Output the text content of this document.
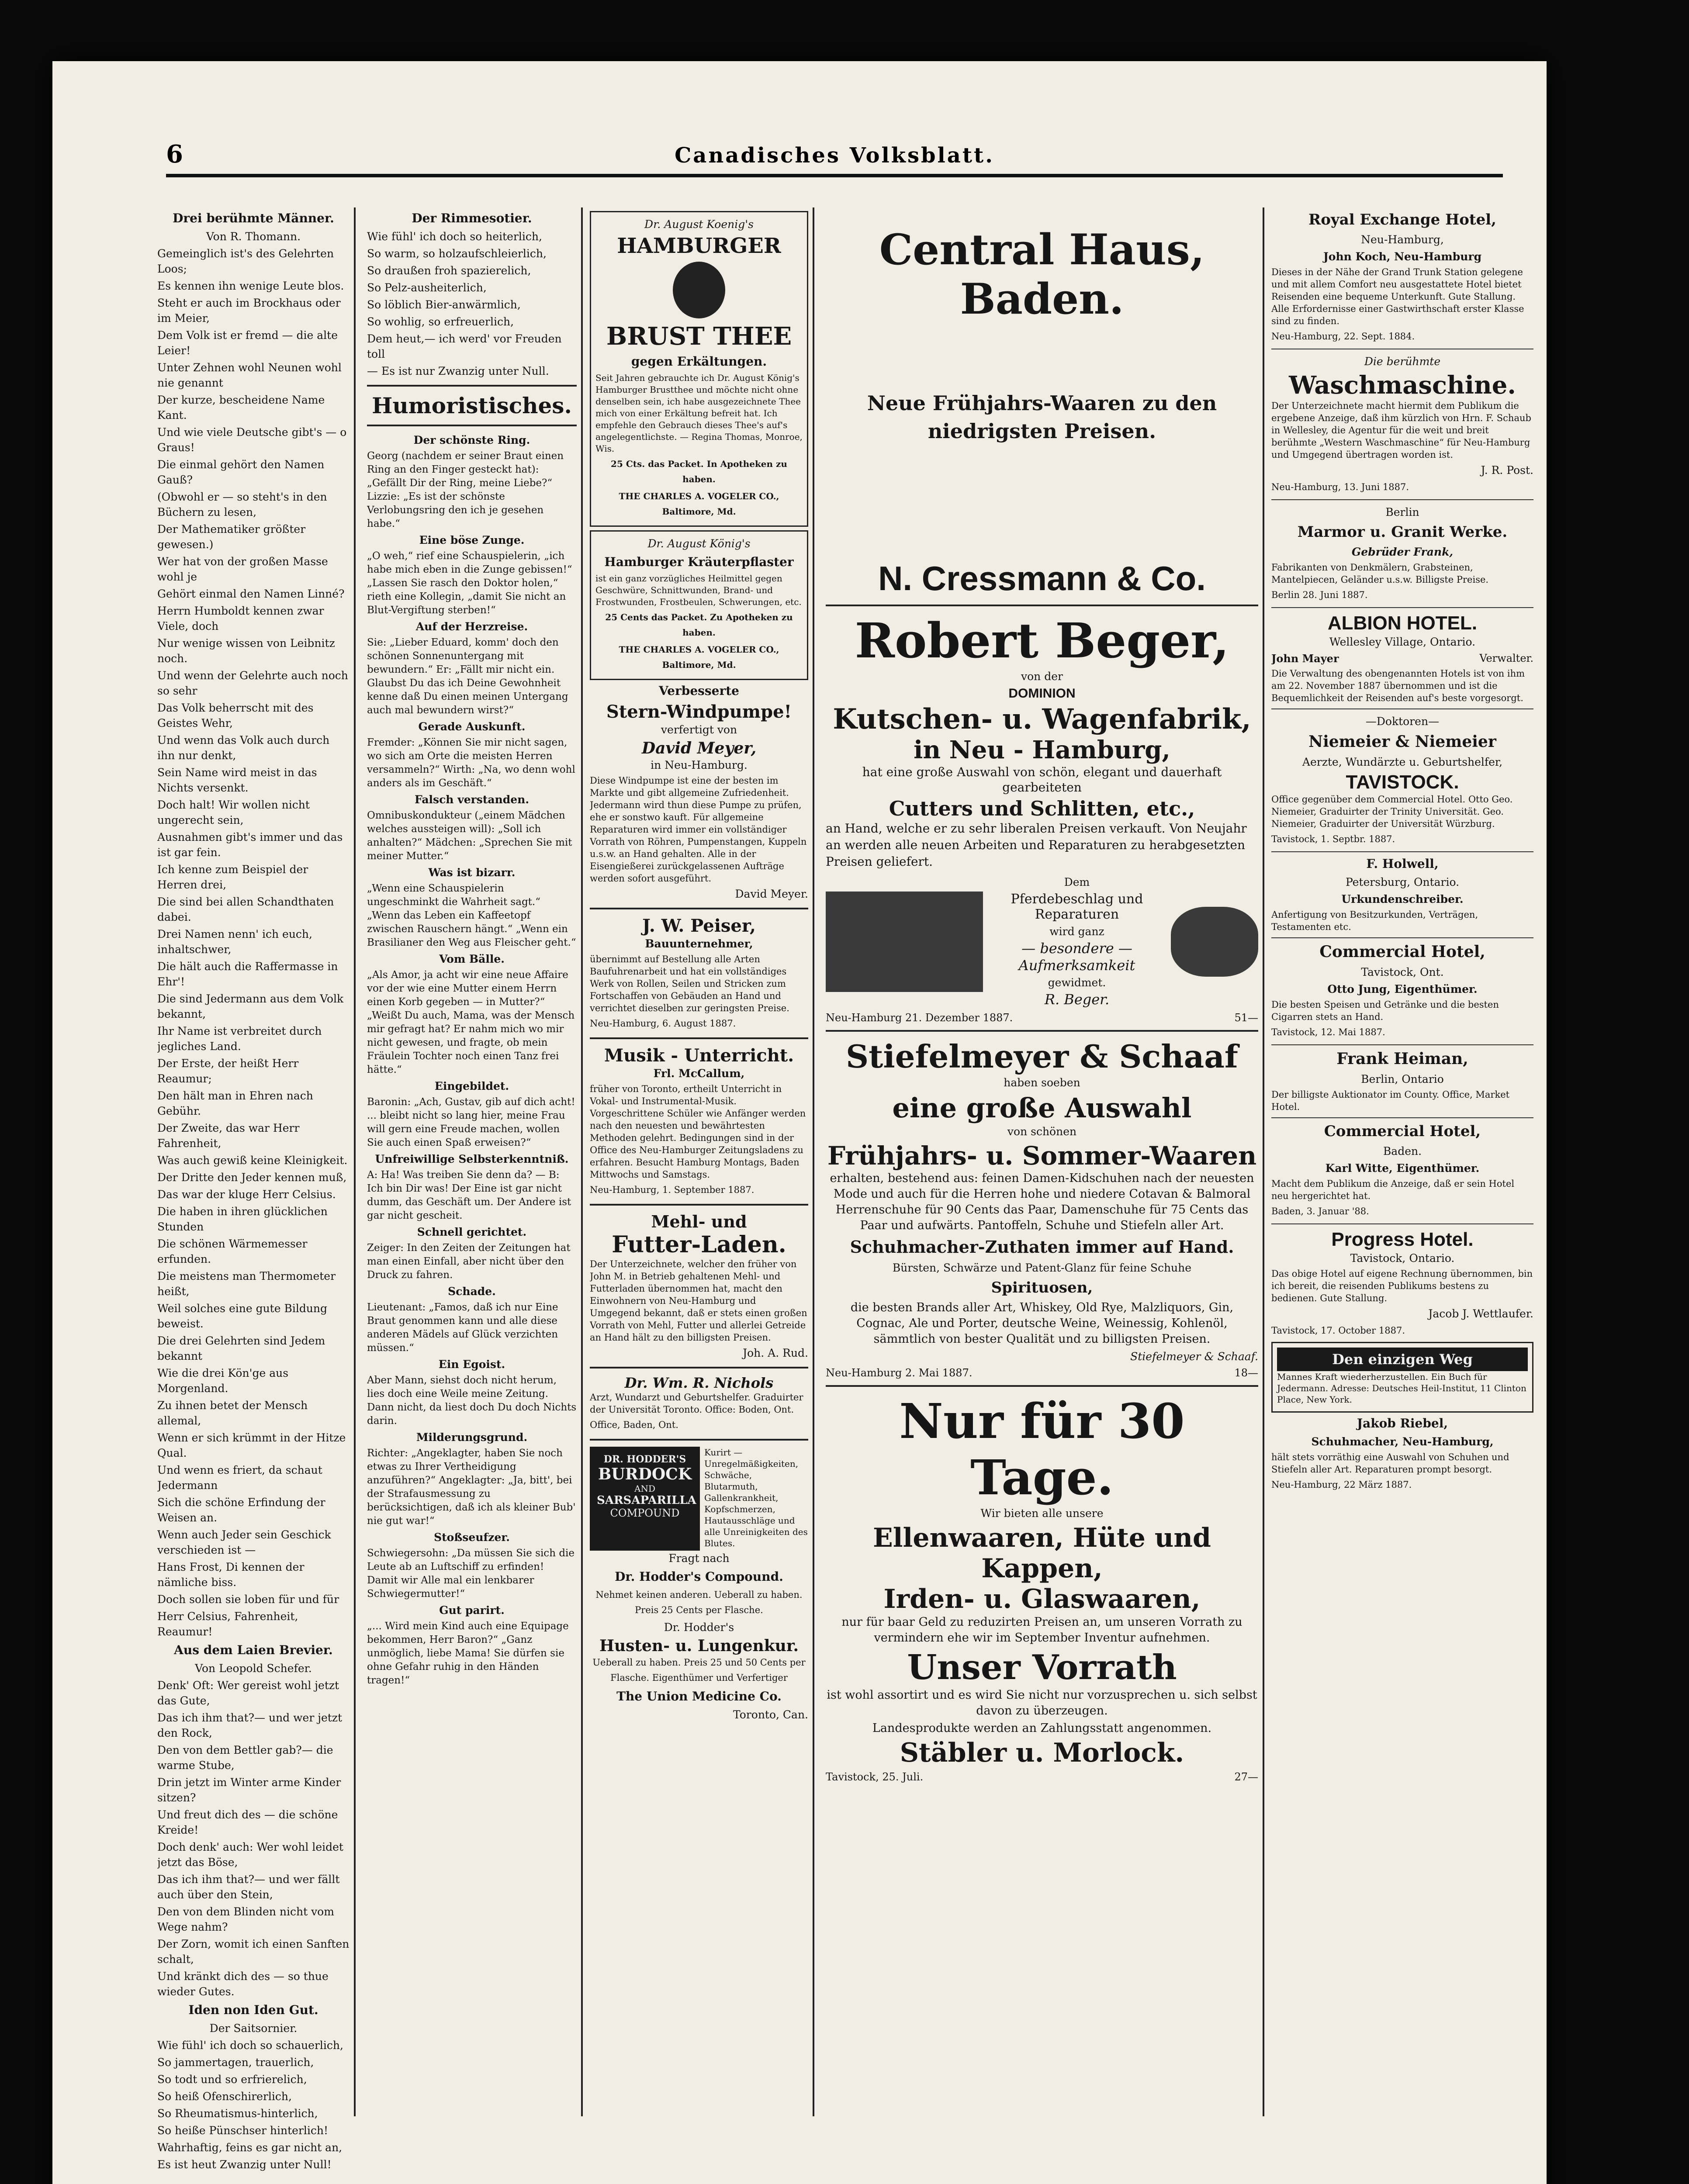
6	Canadisches Volksblatt.
Drei berühmte Männer.
Von R. Thomann.
Gemeinglich ist's des Gelehrten Loos;
Es kennen ihn wenige Leute blos.
Steht er auch im Brockhaus oder im Meier,
Dem Volk ist er fremd — die alte Leier!
Unter Zehnen wohl Neunen wohl nie genannt
Der kurze, bescheidene Name Kant.
Und wie viele Deutsche gibt's — o Graus!
Die einmal gehört den Namen Gauß?
(Obwohl er — so steht's in den Büchern zu lesen,
Der Mathematiker größter gewesen.)
Wer hat von der großen Masse wohl je
Gehört einmal den Namen Linné?
Herrn Humboldt kennen zwar Viele, doch
Nur wenige wissen von Leibnitz noch.
Und wenn der Gelehrte auch noch so sehr
Das Volk beherrscht mit des Geistes Wehr,
Und wenn das Volk auch durch ihn nur denkt,
Sein Name wird meist in das Nichts versenkt.
Doch halt! Wir wollen nicht ungerecht sein,
Ausnahmen gibt's immer und das ist gar fein.
Ich kenne zum Beispiel der Herren drei,
Die sind bei allen Schandthaten dabei.
Drei Namen nenn' ich euch, inhaltschwer,
Die hält auch die Raffermasse in Ehr'!
Die sind Jedermann aus dem Volk bekannt,
Ihr Name ist verbreitet durch jegliches Land.
Der Erste, der heißt Herr Reaumur;
Den hält man in Ehren nach Gebühr.
Der Zweite, das war Herr Fahrenheit,
Was auch gewiß keine Kleinigkeit.
Der Dritte den Jeder kennen muß,
Das war der kluge Herr Celsius.
Die haben in ihren glücklichen Stunden
Die schönen Wärmemesser erfunden.
Die meistens man Thermometer heißt,
Weil solches eine gute Bildung beweist.
Die drei Gelehrten sind Jedem bekannt
Wie die drei Kön'ge aus Morgenland.
Zu ihnen betet der Mensch allemal,
Wenn er sich krümmt in der Hitze Qual.
Und wenn es friert, da schaut Jedermann
Sich die schöne Erfindung der Weisen an.
Wenn auch Jeder sein Geschick verschieden ist —
Hans Frost, Di kennen der nämliche biss.
Doch sollen sie loben für und für
Herr Celsius, Fahrenheit, Reaumur!
Aus dem Laien Brevier.
Von Leopold Schefer.
Denk' Oft: Wer gereist wohl jetzt das Gute,
Das ich ihm that?— und wer jetzt den Rock,
Den von dem Bettler gab?— die warme Stube,
Drin jetzt im Winter arme Kinder sitzen?
Und freut dich des — die schöne Kreide!
Doch denk' auch: Wer wohl leidet jetzt das Böse,
Das ich ihm that?— und wer fällt auch über den Stein,
Den von dem Blinden nicht vom Wege nahm?
Der Zorn, womit ich einen Sanften schalt,
Und kränkt dich des — so thue wieder Gutes.
Iden non Iden Gut.
Der Saitsornier.
Wie fühl' ich doch so schauerlich,
So jammertagen, trauerlich,
So todt und so erfrierelich,
So heiß Ofenschirerlich,
So Rheumatismus-hinterlich,
So heiße Pünschser hinterlich!
Wahrhaftig, feins es gar nicht an,
Es ist heut Zwanzig unter Null!
Der Rimmesotier.
Wie fühl' ich doch so heiterlich,
So warm, so holzaufschleierlich,
So draußen froh spazierelich,
So Pelz-ausheiterlich,
So löblich Bier-anwärmlich,
So wohlig, so erfreuerlich,
Dem heut,— ich werd' vor Freuden toll
— Es ist nur Zwanzig unter Null.
Humoristisches.
Der schönste Ring.
Georg (nachdem er seiner Braut einen Ring an den Finger gesteckt hat): „Gefällt Dir der Ring, meine Liebe?“ Lizzie: „Es ist der schönste Verlobungsring den ich je gesehen habe.“
Eine böse Zunge.
„O weh,“ rief eine Schauspielerin, „ich habe mich eben in die Zunge gebissen!“ „Lassen Sie rasch den Doktor holen,“ rieth eine Kollegin, „damit Sie nicht an Blut-Vergiftung sterben!“
Auf der Herzreise.
Sie: „Lieber Eduard, komm' doch den schönen Sonnenuntergang mit bewundern.“ Er: „Fällt mir nicht ein. Glaubst Du das ich Deine Gewohnheit kenne daß Du einen meinen Untergang auch mal bewundern wirst?“
Gerade Auskunft.
Fremder: „Können Sie mir nicht sagen, wo sich am Orte die meisten Herren versammeln?“ Wirth: „Na, wo denn wohl anders als im Geschäft.“
Falsch verstanden.
Omnibuskondukteur („einem Mädchen welches aussteigen will): „Soll ich anhalten?“ Mädchen: „Sprechen Sie mit meiner Mutter.“
Was ist bizarr.
„Wenn eine Schauspielerin ungeschminkt die Wahrheit sagt.“ „Wenn das Leben ein Kaffeetopf zwischen Rauschern hängt.“ „Wenn ein Brasilianer den Weg aus Fleischer geht.“
Vom Bälle.
„Als Amor, ja acht wir eine neue Affaire vor der wie eine Mutter einem Herrn einen Korb gegeben — in Mutter?“ „Weißt Du auch, Mama, was der Mensch mir gefragt hat? Er nahm mich wo mir nicht gewesen, und fragte, ob mein Fräulein Tochter noch einen Tanz frei hätte.“
Eingebildet.
Baronin: „Ach, Gustav, gib auf dich acht! ... bleibt nicht so lang hier, meine Frau will gern eine Freude machen, wollen Sie auch einen Spaß erweisen?“
Unfreiwillige Selbsterkenntniß.
A: Ha! Was treiben Sie denn da? — B: Ich bin Dir was! Der Eine ist gar nicht dumm, das Geschäft um. Der Andere ist gar nicht gescheit.
Schnell gerichtet.
Zeiger: In den Zeiten der Zeitungen hat man einen Einfall, aber nicht über den Druck zu fahren.
Schade.
Lieutenant: „Famos, daß ich nur Eine Braut genommen kann und alle diese anderen Mädels auf Glück verzichten müssen.“
Ein Egoist.
Aber Mann, siehst doch nicht herum, lies doch eine Weile meine Zeitung. Dann nicht, da liest doch Du doch Nichts darin.
Milderungsgrund.
Richter: „Angeklagter, haben Sie noch etwas zu Ihrer Vertheidigung anzuführen?“ Angeklagter: „Ja, bitt', bei der Strafausmessung zu berücksichtigen, daß ich als kleiner Bub' nie gut war!“
Stoßseufzer.
Schwiegersohn: „Da müssen Sie sich die Leute ab an Luftschiff zu erfinden! Damit wir Alle mal ein lenkbarer Schwiegermutter!“
Gut parirt.
„... Wird mein Kind auch eine Equipage bekommen, Herr Baron?“ „Ganz unmöglich, liebe Mama! Sie dürfen sie ohne Gefahr ruhig in den Händen tragen!“
Dr. August Koenig's
HAMBURGER
BRUST THEE
gegen Erkältungen.
Seit Jahren gebrauchte ich Dr. August König's Hamburger Brustthee und möchte nicht ohne denselben sein, ich habe ausgezeichnete Thee mich von einer Erkältung befreit hat. Ich empfehle den Gebrauch dieses Thee's auf's angelegentlichste. — Regina Thomas, Monroe, Wis.
25 Cts. das Packet. In Apotheken zu haben.
THE CHARLES A. VOGELER CO., Baltimore, Md.
Dr. August König's
Hamburger Kräuterpflaster
ist ein ganz vorzügliches Heilmittel gegen Geschwüre, Schnittwunden, Brand- und Frostwunden, Frostbeulen, Schwerungen, etc.
25 Cents das Packet. Zu Apotheken zu haben.
THE CHARLES A. VOGELER CO., Baltimore, Md.
Verbesserte
Stern-Windpumpe!
verfertigt von
David Meyer,
in Neu-Hamburg.
Diese Windpumpe ist eine der besten im Markte und gibt allgemeine Zufriedenheit. Jedermann wird thun diese Pumpe zu prüfen, ehe er sonstwo kauft. Für allgemeine Reparaturen wird immer ein vollständiger Vorrath von Röhren, Pumpenstangen, Kuppeln u.s.w. an Hand gehalten. Alle in der Eisengießerei zurückgelassenen Aufträge werden sofort ausgeführt.
David Meyer.
J. W. Peiser,
Bauunternehmer,
übernimmt auf Bestellung alle Arten Baufuhrenarbeit und hat ein vollständiges Werk von Rollen, Seilen und Stricken zum Fortschaffen von Gebäuden an Hand und verrichtet dieselben zur geringsten Preise.
Neu-Hamburg, 6. August 1887.
Musik - Unterricht.
Frl. McCallum,
früher von Toronto, ertheilt Unterricht in Vokal- und Instrumental-Musik. Vorgeschrittene Schüler wie Anfänger werden nach den neuesten und bewährtesten Methoden gelehrt. Bedingungen sind in der Office des Neu-Hamburger Zeitungsladens zu erfahren. Besucht Hamburg Montags, Baden Mittwochs und Samstags.
Neu-Hamburg, 1. September 1887.
Mehl- und
Futter-Laden.
Der Unterzeichnete, welcher den früher von John M. in Betrieb gehaltenen Mehl- und Futterladen übernommen hat, macht den Einwohnern von Neu-Hamburg und Umgegend bekannt, daß er stets einen großen Vorrath von Mehl, Futter und allerlei Getreide an Hand hält zu den billigsten Preisen.
Joh. A. Rud.
Dr. Wm. R. Nichols
Arzt, Wundarzt und Geburtshelfer. Graduirter der Universität Toronto. Office: Boden, Ont.
Office, Baden, Ont.
DR. HODDER'S
BURDOCK
AND
SARSAPARILLA
COMPOUND
Kurirt — Unregelmäßigkeiten, Schwäche, Blutarmuth, Gallenkrankheit, Kopfschmerzen, Hautausschläge und alle Unreinigkeiten des Blutes.
Fragt nach
Dr. Hodder's Compound.
Nehmet keinen anderen. Ueberall zu haben. Preis 25 Cents per Flasche.
Dr. Hodder's
Husten- u. Lungenkur.
Ueberall zu haben. Preis 25 und 50 Cents per Flasche. Eigenthümer und Verfertiger
The Union Medicine Co.
Toronto, Can.
Central Haus, Baden.
Neue Frühjahrs-Waaren zu den niedrigsten Preisen.
N. Cressmann & Co.
Robert Beger,
von der
DOMINION
Kutschen- u. Wagenfabrik,
in Neu - Hamburg,
hat eine große Auswahl von schön, elegant und dauerhaft gearbeiteten
Cutters und Schlitten, etc.,
an Hand, welche er zu sehr liberalen Preisen verkauft. Von Neujahr an werden alle neuen Arbeiten und Reparaturen zu herabgesetzten Preisen geliefert.
Dem
Pferdebeschlag und Reparaturen
wird ganz
— besondere —
Aufmerksamkeit
gewidmet.
R. Beger.
Neu-Hamburg 21. Dezember 1887.	51—
Stiefelmeyer & Schaaf
haben soeben
eine große Auswahl
von schönen
Frühjahrs- u. Sommer-Waaren
erhalten, bestehend aus: feinen Damen-Kidschuhen nach der neuesten Mode und auch für die Herren hohe und niedere Cotavan & Balmoral Herrenschuhe für 90 Cents das Paar, Damenschuhe für 75 Cents das Paar und aufwärts. Pantoffeln, Schuhe und Stiefeln aller Art.
Schuhmacher-Zuthaten immer auf Hand.
Bürsten, Schwärze und Patent-Glanz für feine Schuhe
Spirituosen,
die besten Brands aller Art, Whiskey, Old Rye, Malzliquors, Gin, Cognac, Ale und Porter, deutsche Weine, Weinessig, Kohlenöl, sämmtlich von bester Qualität und zu billigsten Preisen.
Stiefelmeyer & Schaaf.
Neu-Hamburg 2. Mai 1887.	18—
Nur für 30 Tage.
Wir bieten alle unsere
Ellenwaaren, Hüte und Kappen,
Irden- u. Glaswaaren,
nur für baar Geld zu reduzirten Preisen an, um unseren Vorrath zu vermindern ehe wir im September Inventur aufnehmen.
Unser Vorrath
ist wohl assortirt und es wird Sie nicht nur vorzusprechen u. sich selbst davon zu überzeugen.
Landesprodukte werden an Zahlungsstatt angenommen.
Stäbler u. Morlock.
Tavistock, 25. Juli.	27—
Royal Exchange Hotel,
Neu-Hamburg,
John Koch, Neu-Hamburg
Dieses in der Nähe der Grand Trunk Station gelegene und mit allem Comfort neu ausgestattete Hotel bietet Reisenden eine bequeme Unterkunft. Gute Stallung. Alle Erfordernisse einer Gastwirthschaft erster Klasse sind zu finden.
Neu-Hamburg, 22. Sept. 1884.
Die berühmte
Waschmaschine.
Der Unterzeichnete macht hiermit dem Publikum die ergebene Anzeige, daß ihm kürzlich von Hrn. F. Schaub in Wellesley, die Agentur für die weit und breit berühmte „Western Waschmaschine“ für Neu-Hamburg und Umgegend übertragen worden ist.
J. R. Post.
Neu-Hamburg, 13. Juni 1887.
Berlin
Marmor u. Granit Werke.
Gebrüder Frank,
Fabrikanten von Denkmälern, Grabsteinen, Mantelpiecen, Geländer u.s.w. Billigste Preise.
Berlin 28. Juni 1887.
ALBION HOTEL.
Wellesley Village, Ontario.
John Mayer	Verwalter.
Die Verwaltung des obengenannten Hotels ist von ihm am 22. November 1887 übernommen und ist die Bequemlichkeit der Reisenden auf's beste vorgesorgt.
—Doktoren—
Niemeier & Niemeier
Aerzte, Wundärzte u. Geburtshelfer,
TAVISTOCK.
Office gegenüber dem Commercial Hotel. Otto Geo. Niemeier, Graduirter der Trinity Universität. Geo. Niemeier, Graduirter der Universität Würzburg.
Tavistock, 1. Septbr. 1887.
F. Holwell,
Petersburg, Ontario.
Urkundenschreiber.
Anfertigung von Besitzurkunden, Verträgen, Testamenten etc.
Commercial Hotel,
Tavistock, Ont.
Otto Jung, Eigenthümer.
Die besten Speisen und Getränke und die besten Cigarren stets an Hand.
Tavistock, 12. Mai 1887.
Frank Heiman,
Berlin, Ontario
Der billigste Auktionator im County. Office, Market Hotel.
Commercial Hotel,
Baden.
Karl Witte, Eigenthümer.
Macht dem Publikum die Anzeige, daß er sein Hotel neu hergerichtet hat.
Baden, 3. Januar '88.
Progress Hotel.
Tavistock, Ontario.
Das obige Hotel auf eigene Rechnung übernommen, bin ich bereit, die reisenden Publikums bestens zu bedienen. Gute Stallung.
Jacob J. Wettlaufer.
Tavistock, 17. October 1887.
Den einzigen Weg
Mannes Kraft wiederherzustellen. Ein Buch für Jedermann. Adresse: Deutsches Heil-Institut, 11 Clinton Place, New York.
Jakob Riebel,
Schuhmacher, Neu-Hamburg,
hält stets vorräthig eine Auswahl von Schuhen und Stiefeln aller Art. Reparaturen prompt besorgt.
Neu-Hamburg, 22 März 1887.
